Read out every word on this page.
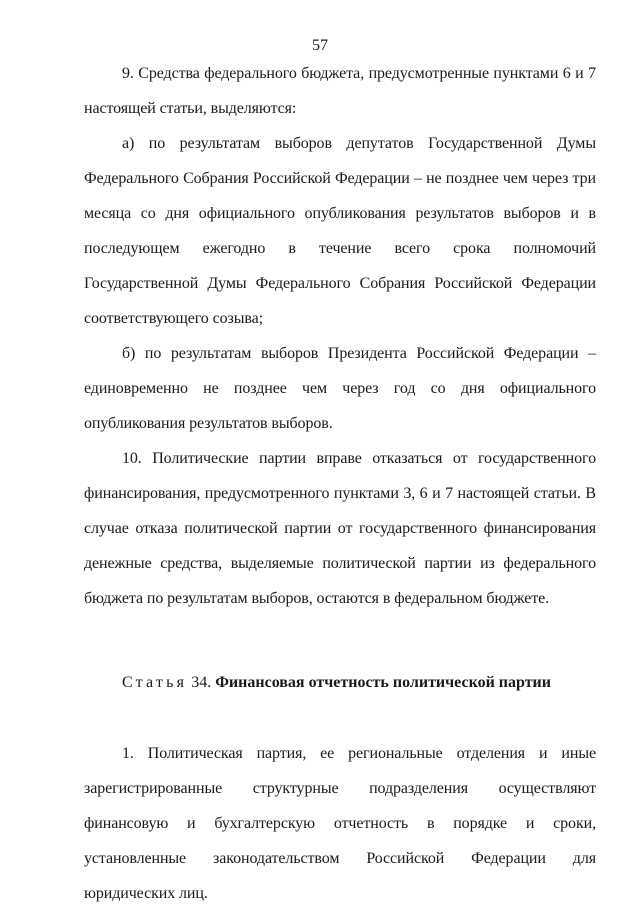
57

9. Средства федерального бюджета, предусмотренные пунктами 6 и 7 настоящей статьи, выделяются:

а) по результатам выборов депутатов Государственной Думы Федерального Собрания Российской Федерации – не позднее чем через три месяца со дня официального опубликования результатов выборов и в последующем ежегодно в течение всего срока полномочий Государственной Думы Федерального Собрания Российской Федерации соответствующего созыва;

б) по результатам выборов Президента Российской Федерации – единовременно не позднее чем через год со дня официального опубликования результатов выборов.

10. Политические партии вправе отказаться от государственного финансирования, предусмотренного пунктами 3, 6 и 7 настоящей статьи. В случае отказа политической партии от государственного финансирования денежные средства, выделяемые политической партии из федерального бюджета по результатам выборов, остаются в федеральном бюджете.

Статья 34. Финансовая отчетность политической партии

1. Политическая партия, ее региональные отделения и иные зарегистрированные структурные подразделения осуществляют финансовую и бухгалтерскую отчетность в порядке и сроки, установленные законодательством Российской Федерации для юридических лиц.
